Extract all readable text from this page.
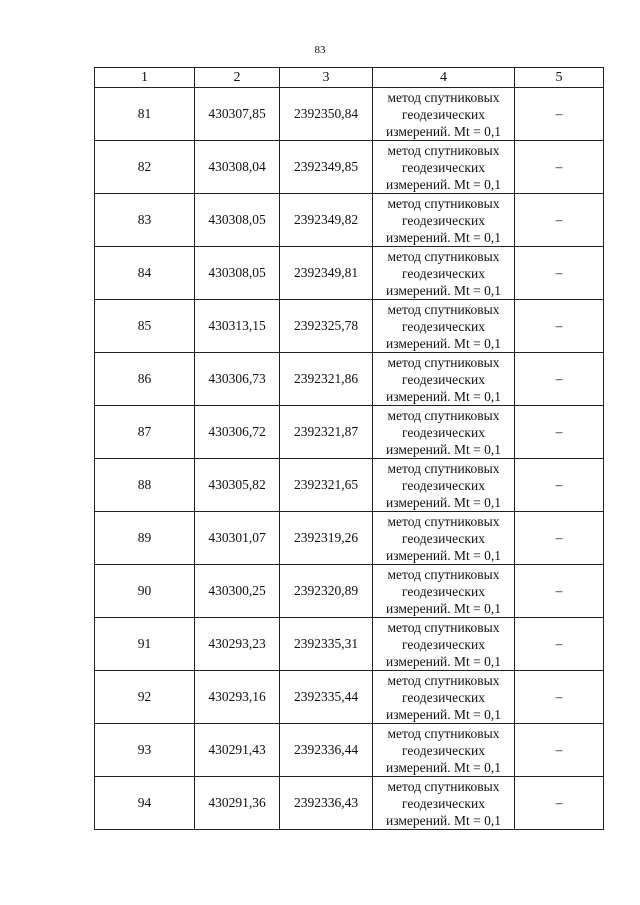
83
1	2	3	4	5
81	430307,85	2392350,84	метод спутниковых
геодезических
измерений. Mt = 0,1	–
82	430308,04	2392349,85	метод спутниковых
геодезических
измерений. Mt = 0,1	–
83	430308,05	2392349,82	метод спутниковых
геодезических
измерений. Mt = 0,1	–
84	430308,05	2392349,81	метод спутниковых
геодезических
измерений. Mt = 0,1	–
85	430313,15	2392325,78	метод спутниковых
геодезических
измерений. Mt = 0,1	–
86	430306,73	2392321,86	метод спутниковых
геодезических
измерений. Mt = 0,1	–
87	430306,72	2392321,87	метод спутниковых
геодезических
измерений. Mt = 0,1	–
88	430305,82	2392321,65	метод спутниковых
геодезических
измерений. Mt = 0,1	–
89	430301,07	2392319,26	метод спутниковых
геодезических
измерений. Mt = 0,1	–
90	430300,25	2392320,89	метод спутниковых
геодезических
измерений. Mt = 0,1	–
91	430293,23	2392335,31	метод спутниковых
геодезических
измерений. Mt = 0,1	–
92	430293,16	2392335,44	метод спутниковых
геодезических
измерений. Mt = 0,1	–
93	430291,43	2392336,44	метод спутниковых
геодезических
измерений. Mt = 0,1	–
94	430291,36	2392336,43	метод спутниковых
геодезических
измерений. Mt = 0,1	–
